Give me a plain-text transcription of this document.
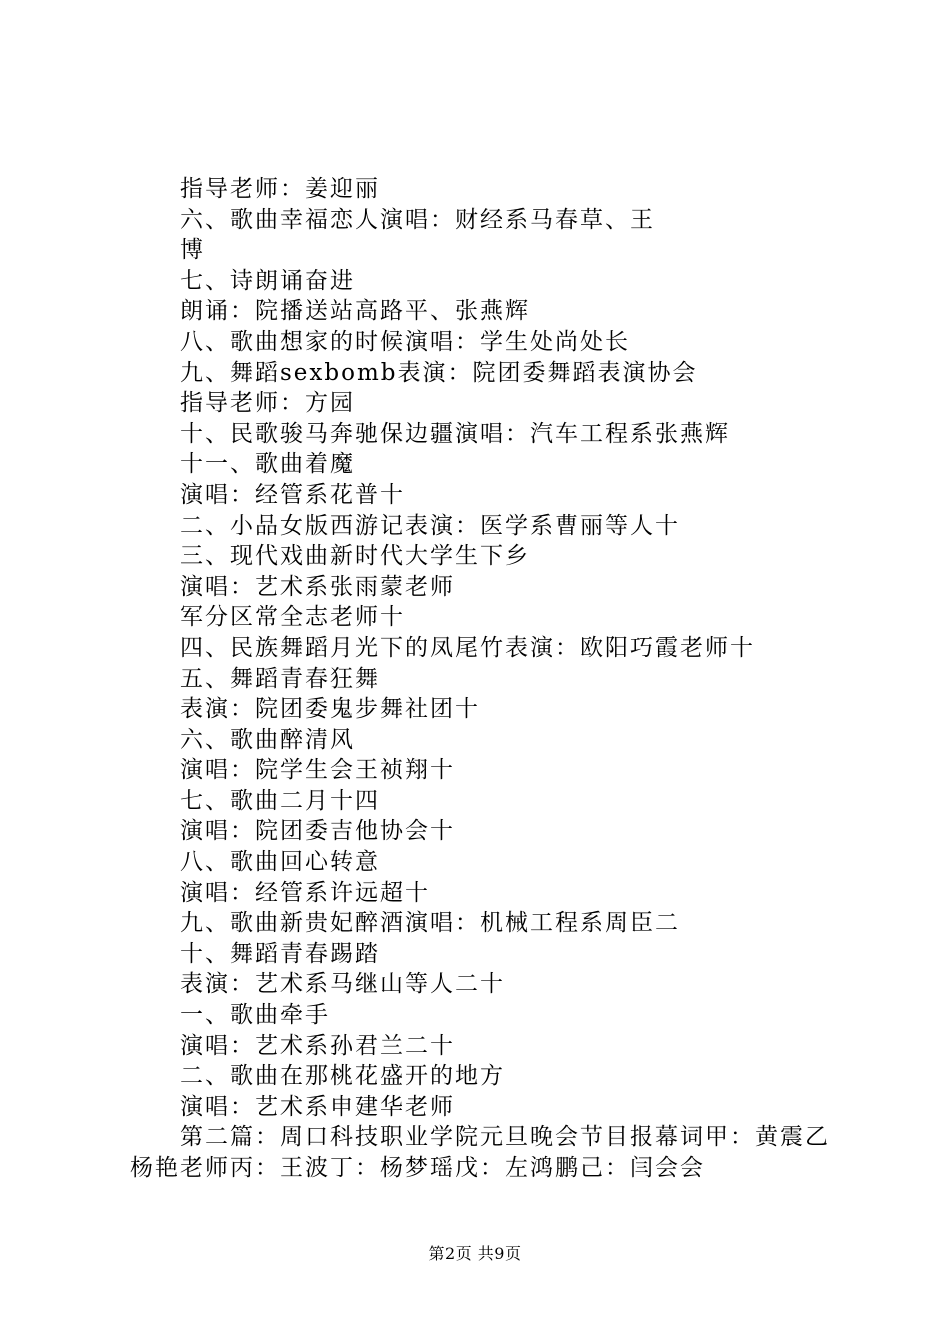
指导老师：姜迎丽
六、歌曲幸福恋人演唱：财经系马春草、王
博
七、诗朗诵奋进
朗诵：院播送站高路平、张燕辉
八、歌曲想家的时候演唱：学生处尚处长
九、舞蹈sexbomb表演：院团委舞蹈表演协会
指导老师：方园
十、民歌骏马奔驰保边疆演唱：汽车工程系张燕辉
十一、歌曲着魔
演唱：经管系花普十
二、小品女版西游记表演：医学系曹丽等人十
三、现代戏曲新时代大学生下乡
演唱：艺术系张雨蒙老师
军分区常全志老师十
四、民族舞蹈月光下的凤尾竹表演：欧阳巧霞老师十
五、舞蹈青春狂舞
表演：院团委鬼步舞社团十
六、歌曲醉清风
演唱：院学生会王祯翔十
七、歌曲二月十四
演唱：院团委吉他协会十
八、歌曲回心转意
演唱：经管系许远超十
九、歌曲新贵妃醉酒演唱：机械工程系周臣二
十、舞蹈青春踢踏
表演：艺术系马继山等人二十
一、歌曲牵手
演唱：艺术系孙君兰二十
二、歌曲在那桃花盛开的地方
演唱：艺术系申建华老师
第二篇：周口科技职业学院元旦晚会节目报幕词甲：黄震乙
杨艳老师丙：王波丁：杨梦瑶戊：左鸿鹏己：闫会会
第2页 共9页
